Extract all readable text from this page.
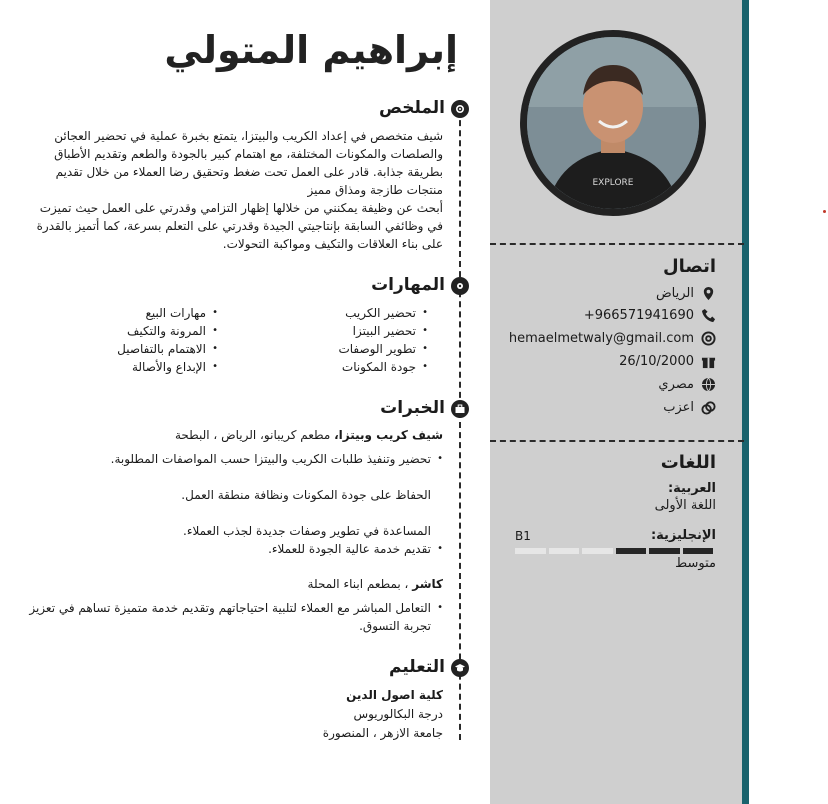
EXPLORE
اتصال
الرياض
+966571941690
hemaelmetwaly@gmail.com
26/10/2000
مصري
اعزب
اللغات
العربية:
اللغة الأولى
الإنجليزية:
B1
متوسط
إبراهيم المتولي
الملخص
شيف متخصص في إعداد الكريب والبيتزا، يتمتع بخبرة عملية في تحضير العجائن والصلصات والمكونات المختلفة، مع اهتمام كبير بالجودة والطعم وتقديم الأطباق بطريقة جذابة. قادر على العمل تحت ضغط وتحقيق رضا العملاء من خلال تقديم منتجات طازجة ومذاق مميز
أبحث عن وظيفة يمكنني من خلالها إظهار التزامي وقدرتي على العمل حيث تميزت في وظائفي السابقة بإنتاجيتي الجيدة وقدرتي على التعلم بسرعة، كما أتميز بالقدرة على بناء العلاقات والتكيف ومواكبة التحولات.
المهارات
• تحضير الكريب
• تحضير البيتزا
• تطوير الوصفات
• جودة المكونات
• مهارات البيع
• المرونة والتكيف
• الاهتمام بالتفاصيل
• الإبداع والأصالة
الخبرات
شيف كريب وبيتزا، مطعم كريبانو، الرياض ، البطحة
• تحضير وتنفيذ طلبات الكريب والبيتزا حسب المواصفات المطلوبة.
الحفاظ على جودة المكونات ونظافة منطقة العمل.
المساعدة في تطوير وصفات جديدة لجذب العملاء.
• تقديم خدمة عالية الجودة للعملاء.
كاشر ، بمطعم ابناء المحلة
• التعامل المباشر مع العملاء لتلبية احتياجاتهم وتقديم خدمة متميزة تساهم في تعزيز تجربة التسوق.
التعليم
كلية اصول الدين
درجة البكالوريوس
جامعة الازهر ، المنصورة
